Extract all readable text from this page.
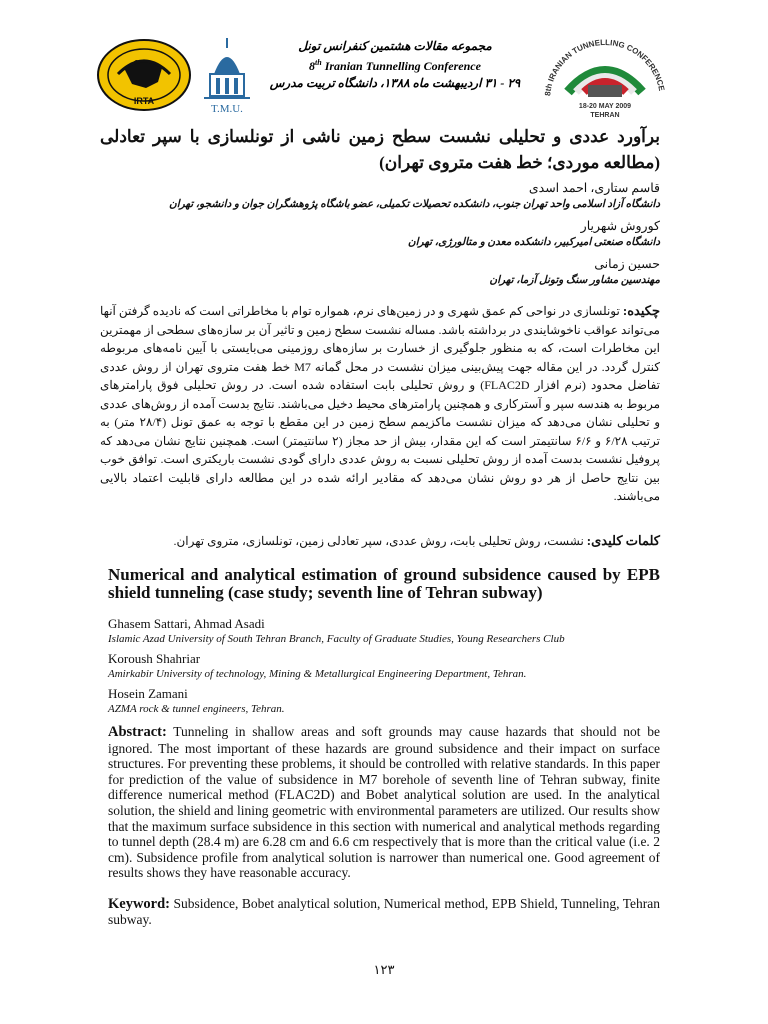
IRTA
T.M.U.
مجموعه مقالات هشتمین کنفرانس تونل
8th Iranian Tunnelling Conference
۲۹ - ۳۱ اردیبهشت ماه ۱۳۸۸، دانشگاه تربیت مدرس
8th IRANIAN TUNNELLING CONFERENCE
18-20 MAY 2009
TEHRAN
برآورد عددی و تحلیلی نشست سطح زمین ناشی از تونلسازی با سپر تعادلی (مطالعه موردی؛ خط هفت متروی تهران)
قاسم ستاری، احمد اسدی
دانشگاه آزاد اسلامی واحد تهران جنوب، دانشکده تحصیلات تکمیلی، عضو باشگاه پژوهشگران جوان و دانشجو، تهران
کوروش شهریار
دانشگاه صنعتی امیرکبیر، دانشکده معدن و متالورژی، تهران
حسین زمانی
مهندسین مشاور سنگ وتونل آزما، تهران
چکیده: تونلسازی در نواحی کم عمق شهری و در زمین‌های نرم، همواره توام با مخاطراتی است که نادیده گرفتن آنها می‌تواند عواقب ناخوشایندی در برداشته باشد. مساله نشست سطح زمین و تاثیر آن بر سازه‌های سطحی از مهمترین این مخاطرات است، که به منظور جلوگیری از خسارت بر سازه‌های روزمینی می‌بایستی با آیین نامه‌های مربوطه کنترل گردد. در این مقاله جهت پیش‌بینی میزان نشست در محل گمانه M7 خط هفت متروی تهران از روش عددی تفاضل محدود (نرم افزار FLAC2D) و روش تحلیلی بابت استفاده شده است. در روش تحلیلی فوق پارامترهای مربوط به هندسه سپر و آسترکاری و همچنین پارامترهای محیط دخیل می‌باشند. نتایج بدست آمده از روش‌های عددی و تحلیلی نشان می‌دهد که میزان نشست ماکزیمم سطح زمین در این مقطع با توجه به عمق تونل (۲۸/۴ متر) به ترتیب ۶/۲۸ و ۶/۶ سانتیمتر است که این مقدار، بیش از حد مجاز (۲ سانتیمتر) است. همچنین نتایج نشان می‌دهد که پروفیل نشست بدست آمده از روش تحلیلی نسبت به روش عددی دارای گودی نشست باریکتری است. توافق خوب بین نتایج حاصل از هر دو روش نشان می‌دهد که مقادیر ارائه شده در این مطالعه دارای قابلیت اعتماد بالایی می‌باشند.
کلمات کلیدی: نشست، روش تحلیلی بابت، روش عددی، سپر تعادلی زمین، تونلسازی، متروی تهران.
Numerical and analytical estimation of ground subsidence caused by EPB shield tunneling (case study; seventh line of Tehran subway)
Ghasem Sattari, Ahmad Asadi
Islamic Azad University of South Tehran Branch, Faculty of Graduate Studies, Young Researchers Club
Koroush Shahriar
Amirkabir University of technology, Mining & Metallurgical Engineering Department, Tehran.
Hosein Zamani
AZMA rock & tunnel engineers, Tehran.
Abstract: Tunneling in shallow areas and soft grounds may cause hazards that should not be ignored. The most important of these hazards are ground subsidence and their impact on surface structures. For preventing these problems, it should be controlled with relative standards. In this paper for prediction of the value of subsidence in M7 borehole of seventh line of Tehran subway, finite difference numerical method (FLAC2D) and Bobet analytical solution are used. In the analytical solution, the shield and lining geometric with environmental parameters are utilized. Our results show that the maximum surface subsidence in this section with numerical and analytical methods regarding to tunnel depth (28.4 m) are 6.28 cm and 6.6 cm respectively that is more than the critical value (i.e. 2 cm). Subsidence profile from analytical solution is narrower than numerical one. Good agreement of results shows they have reasonable accuracy.
Keyword: Subsidence, Bobet analytical solution, Numerical method, EPB Shield, Tunneling, Tehran subway.
۱۲۳
